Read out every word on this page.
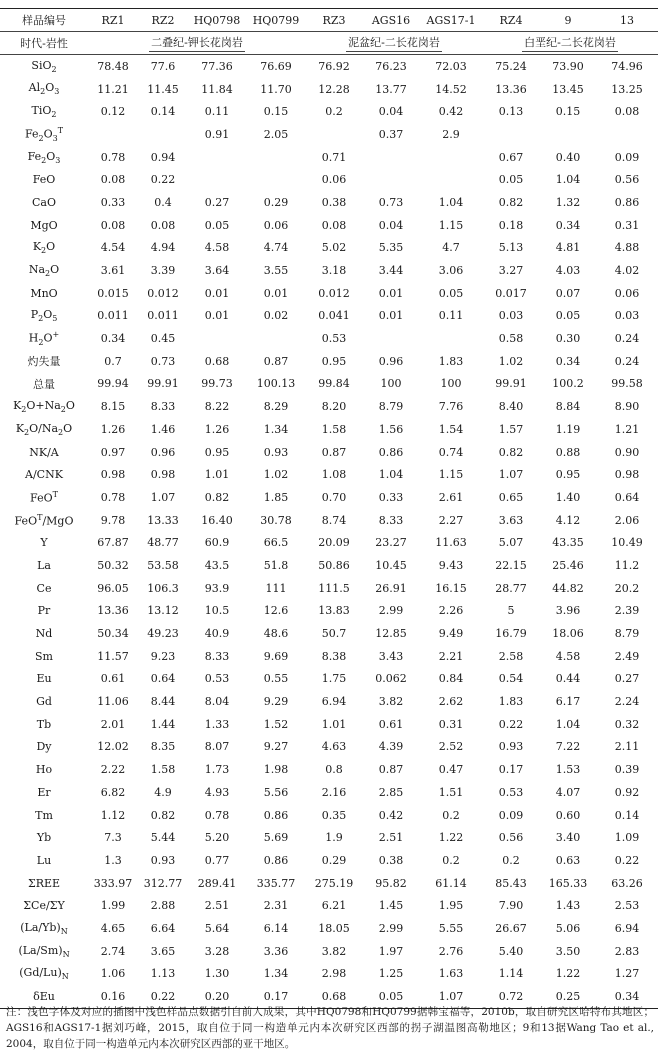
样品编号	RZ1	RZ2	HQ0798	HQ0799	RZ3	AGS16	AGS17-1	RZ4	9	13
时代-岩性	二叠纪-钾长花岗岩				泥盆纪-二长花岗岩			白垩纪-二长花岗岩		
SiO$_2$	78.48	77.6	77.36	76.69	76.92	76.23	72.03	75.24	73.90	74.96
$Al_2O_3$	11.21	11.45	11.84	11.70	12.28	13.77	14.52	13.36	13.45	13.25
TiO$_2$	0.12	0.14	0.11	0.15	0.2	0.04	0.42	0.13	0.15	0.08
$Fe_2O_3^T$			0.91	2.05		0.37	2.9			
$Fe_2O_3$	0.78	0.94			0.71			0.67	0.40	0.09
FeO	0.08	0.22			0.06			0.05	1.04	0.56
CaO	0.33	0.4	0.27	0.29	0.38	0.73	1.04	0.82	1.32	0.86
MgO	0.08	0.08	0.05	0.06	0.08	0.04	1.15	0.18	0.34	0.31
$K_2O$	4.54	4.94	4.58	4.74	5.02	5.35	4.7	5.13	4.81	4.88
$Na_2O$	3.61	3.39	3.64	3.55	3.18	3.44	3.06	3.27	4.03	4.02
MnO	0.015	0.012	0.01	0.01	0.012	0.01	0.05	0.017	0.07	0.06
$P_2O_5$	0.011	0.011	0.01	0.02	0.041	0.01	0.11	0.03	0.05	0.03
$H_2O^+$	0.34	0.45			0.53			0.58	0.30	0.24
灼失量	0.7	0.73	0.68	0.87	0.95	0.96	1.83	1.02	0.34	0.24
总量	99.94	99.91	99.73	100.13	99.84	100	100	99.91	100.2	99.58
$K_2O+Na_2O$	8.15	8.33	8.22	8.29	8.20	8.79	7.76	8.40	8.84	8.90
$K_2O/Na_2O$	1.26	1.46	1.26	1.34	1.58	1.56	1.54	1.57	1.19	1.21
NK/A	0.97	0.96	0.95	0.93	0.87	0.86	0.74	0.82	0.88	0.90
A/CNK	0.98	0.98	1.01	1.02	1.08	1.04	1.15	1.07	0.95	0.98
FeO$^T$	0.78	1.07	0.82	1.85	0.70	0.33	2.61	0.65	1.40	0.64
FeO$^T$/MgO	9.78	13.33	16.40	30.78	8.74	8.33	2.27	3.63	4.12	2.06
Y	67.87	48.77	60.9	66.5	20.09	23.27	11.63	5.07	43.35	10.49
La	50.32	53.58	43.5	51.8	50.86	10.45	9.43	22.15	25.46	11.2
Ce	96.05	106.3	93.9	111	111.5	26.91	16.15	28.77	44.82	20.2
Pr	13.36	13.12	10.5	12.6	13.83	2.99	2.26	5	3.96	2.39
Nd	50.34	49.23	40.9	48.6	50.7	12.85	9.49	16.79	18.06	8.79
Sm	11.57	9.23	8.33	9.69	8.38	3.43	2.21	2.58	4.58	2.49
Eu	0.61	0.64	0.53	0.55	1.75	0.062	0.84	0.54	0.44	0.27
Gd	11.06	8.44	8.04	9.29	6.94	3.82	2.62	1.83	6.17	2.24
Tb	2.01	1.44	1.33	1.52	1.01	0.61	0.31	0.22	1.04	0.32
Dy	12.02	8.35	8.07	9.27	4.63	4.39	2.52	0.93	7.22	2.11
Ho	2.22	1.58	1.73	1.98	0.8	0.87	0.47	0.17	1.53	0.39
Er	6.82	4.9	4.93	5.56	2.16	2.85	1.51	0.53	4.07	0.92
Tm	1.12	0.82	0.78	0.86	0.35	0.42	0.2	0.09	0.60	0.14
Yb	7.3	5.44	5.20	5.69	1.9	2.51	1.22	0.56	3.40	1.09
Lu	1.3	0.93	0.77	0.86	0.29	0.38	0.2	0.2	0.63	0.22
ΣREE	333.97	312.77	289.41	335.77	275.19	95.82	61.14	85.43	165.33	63.26
ΣCe/ΣY	1.99	2.88	2.51	2.31	6.21	1.45	1.95	7.90	1.43	2.53
$(La/Yb)_N$	4.65	6.64	5.64	6.14	18.05	2.99	5.55	26.67	5.06	6.94
$(La/Sm)_N$	2.74	3.65	3.28	3.36	3.82	1.97	2.76	5.40	3.50	2.83
$(Gd/Lu)_N$	1.06	1.13	1.30	1.34	2.98	1.25	1.63	1.14	1.22	1.27
δEu	0.16	0.22	0.20	0.17	0.68	0.05	1.07	0.72	0.25	0.34
注：浅色字体及对应的插图中浅色样品点数据引自前人成果，其中HQ0798和HQ0799据韩宝福等，2010b，取自研究区哈特布其地区；AGS16和AGS17-1据刘巧峰，2015，取自位于同一构造单元内本次研究区西部的拐子湖温图高勒地区；9和13据Wang Tao et al., 2004，取自位于同一构造单元内本次研究区西部的亚干地区。
